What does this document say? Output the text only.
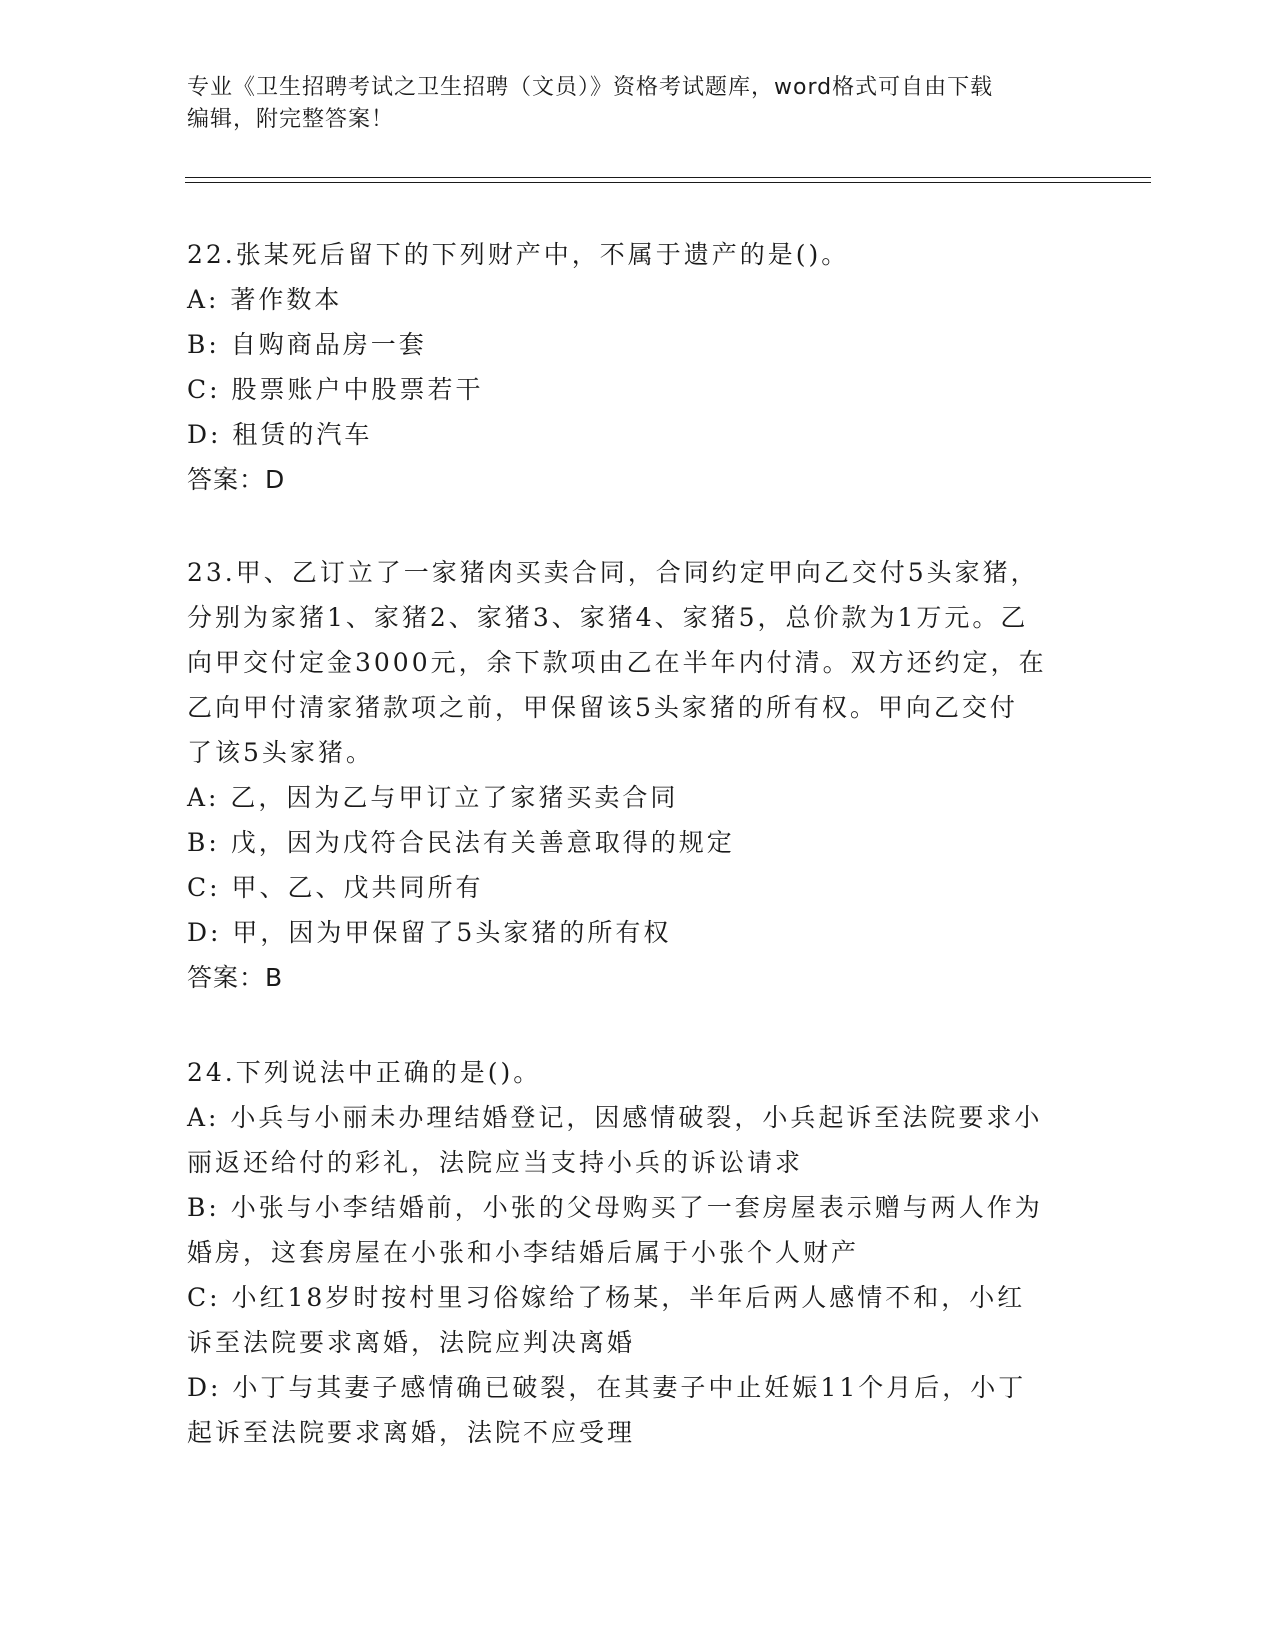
专业《卫生招聘考试之卫生招聘（文员）》资格考试题库，word格式可自由下载
编辑，附完整答案！
22.张某死后留下的下列财产中，不属于遗产的是()。
A: 著作数本
B: 自购商品房一套
C: 股票账户中股票若干
D: 租赁的汽车
答案：D
23.甲、乙订立了一家猪肉买卖合同，合同约定甲向乙交付5头家猪，
分别为家猪1、家猪2、家猪3、家猪4、家猪5，总价款为1万元。乙
向甲交付定金3000元，余下款项由乙在半年内付清。双方还约定，在
乙向甲付清家猪款项之前，甲保留该5头家猪的所有权。甲向乙交付
了该5头家猪。
A: 乙，因为乙与甲订立了家猪买卖合同
B: 戊，因为戊符合民法有关善意取得的规定
C: 甲、乙、戊共同所有
D: 甲，因为甲保留了5头家猪的所有权
答案：B
24.下列说法中正确的是()。
A: 小兵与小丽未办理结婚登记，因感情破裂，小兵起诉至法院要求小
丽返还给付的彩礼，法院应当支持小兵的诉讼请求
B: 小张与小李结婚前，小张的父母购买了一套房屋表示赠与两人作为
婚房，这套房屋在小张和小李结婚后属于小张个人财产
C: 小红18岁时按村里习俗嫁给了杨某，半年后两人感情不和，小红
诉至法院要求离婚，法院应判决离婚
D: 小丁与其妻子感情确已破裂，在其妻子中止妊娠11个月后，小丁
起诉至法院要求离婚，法院不应受理
